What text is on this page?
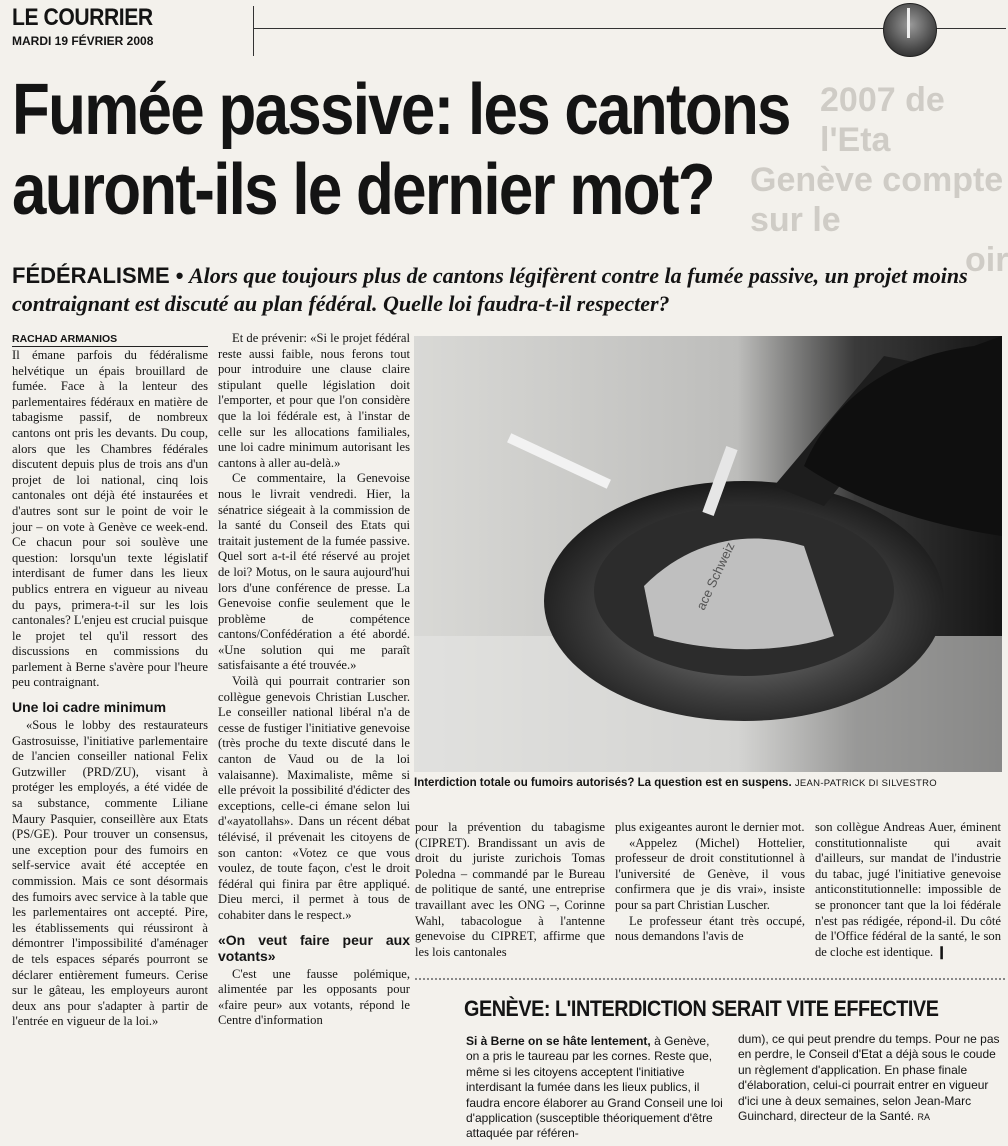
LE COURRIER
MARDI 19 FÉVRIER 2008
2007 de l'Eta
Genève compte sur le
oir
Fumée passive: les cantons
auront-ils le dernier mot?
FÉDÉRALISME • Alors que toujours plus de cantons légifèrent contre la fumée passive, un projet moins contraignant est discuté au plan fédéral. Quelle loi faudra-t-il respecter?
RACHAD ARMANIOS

Il émane parfois du fédéralisme helvétique un épais brouillard de fumée. Face à la lenteur des parlementaires fédéraux en matière de tabagisme passif, de nombreux cantons ont pris les devants. Du coup, alors que les Chambres fédérales discutent depuis plus de trois ans d'un projet de loi national, cinq lois cantonales ont déjà été instaurées et d'autres sont sur le point de voir le jour – on vote à Genève ce week-end. Ce chacun pour soi soulève une question: lorsqu'un texte législatif interdisant de fumer dans les lieux publics entrera en vigueur au niveau du pays, primera-t-il sur les lois cantonales? L'enjeu est crucial puisque le projet tel qu'il ressort des discussions en commissions du parlement à Berne s'avère pour l'heure peu contraignant.

Une loi cadre minimum

«Sous le lobby des restaurateurs Gastrosuisse, l'initiative parlementaire de l'ancien conseiller national Felix Gutzwiller (PRD/ZU), visant à protéger les employés, a été vidée de sa substance, commente Liliane Maury Pasquier, conseillère aux Etats (PS/GE). Pour trouver un consensus, une exception pour des fumoirs en self-service avait été acceptée en commission. Mais ce sont désormais des fumoirs avec service à la table que les parlementaires ont accepté. Pire, les établissements qui réussiront à démontrer l'impossibilité d'aménager de tels espaces séparés pourront se déclarer entièrement fumeurs. Cerise sur le gâteau, les employeurs auront deux ans pour s'adapter à partir de l'entrée en vigueur de la loi.»

Et de prévenir: «Si le projet fédéral reste aussi faible, nous ferons tout pour introduire une clause claire stipulant quelle législation doit l'emporter, et pour que l'on considère que la loi fédérale est, à l'instar de celle sur les allocations familiales, une loi cadre minimum autorisant les cantons à aller au-delà.»

Ce commentaire, la Genevoise nous le livrait vendredi. Hier, la sénatrice siégeait à la commission de la santé du Conseil des Etats qui traitait justement de la fumée passive. Quel sort a-t-il été réservé au projet de loi? Motus, on le saura aujourd'hui lors d'une conférence de presse. La Genevoise confie seulement que le problème de compétence cantons/Confédération a été abordé. «Une solution qui me paraît satisfaisante a été trouvée.»

Voilà qui pourrait contrarier son collègue genevois Christian Luscher. Le conseiller national libéral n'a de cesse de fustiger l'initiative genevoise (très proche du texte discuté dans le canton de Vaud ou de la loi valaisanne). Maximaliste, même si elle prévoit la possibilité d'édicter des exceptions, celle-ci émane selon lui d'«ayatollahs». Dans un récent débat télévisé, il prévenait les citoyens de son canton: «Votez ce que vous voulez, de toute façon, c'est le droit fédéral qui finira par être appliqué. Dieu merci, il permet à tous de cohabiter dans le respect.»

«On veut faire peur aux votants»

C'est une fausse polémique, alimentée par les opposants pour «faire peur» aux votants, répond le Centre d'information

ace Schweiz
Interdiction totale ou fumoirs autorisés? La question est en suspens. JEAN-PATRICK DI SILVESTRO

pour la prévention du tabagisme (CIPRET). Brandissant un avis de droit du juriste zurichois Tomas Poledna – commandé par le Bureau de politique de santé, une entreprise travaillant avec les ONG –, Corinne Wahl, tabacologue à l'antenne genevoise du CIPRET, affirme que les lois cantonales

plus exigeantes auront le dernier mot.

«Appelez (Michel) Hottelier, professeur de droit constitutionnel à l'université de Genève, il vous confirmera que je dis vrai», insiste pour sa part Christian Luscher.

Le professeur étant très occupé, nous demandons l'avis de

son collègue Andreas Auer, éminent constitutionnaliste qui avait d'ailleurs, sur mandat de l'industrie du tabac, jugé l'initiative genevoise anticonstitutionnelle: impossible de se prononcer tant que la loi fédérale n'est pas rédigée, répond-il. Du côté de l'Office fédéral de la santé, le son de cloche est identique. ❙

GENÈVE: L'INTERDICTION SERAIT VITE EFFECTIVE

Si à Berne on se hâte lentement, à Genève, on a pris le taureau par les cornes. Reste que, même si les citoyens acceptent l'initiative interdisant la fumée dans les lieux publics, il faudra encore élaborer au Grand Conseil une loi d'application (susceptible théoriquement d'être attaquée par référen-

dum), ce qui peut prendre du temps. Pour ne pas en perdre, le Conseil d'Etat a déjà sous le coude un règlement d'application. En phase finale d'élaboration, celui-ci pourrait entrer en vigueur d'ici une à deux semaines, selon Jean-Marc Guinchard, directeur de la Santé. RA
